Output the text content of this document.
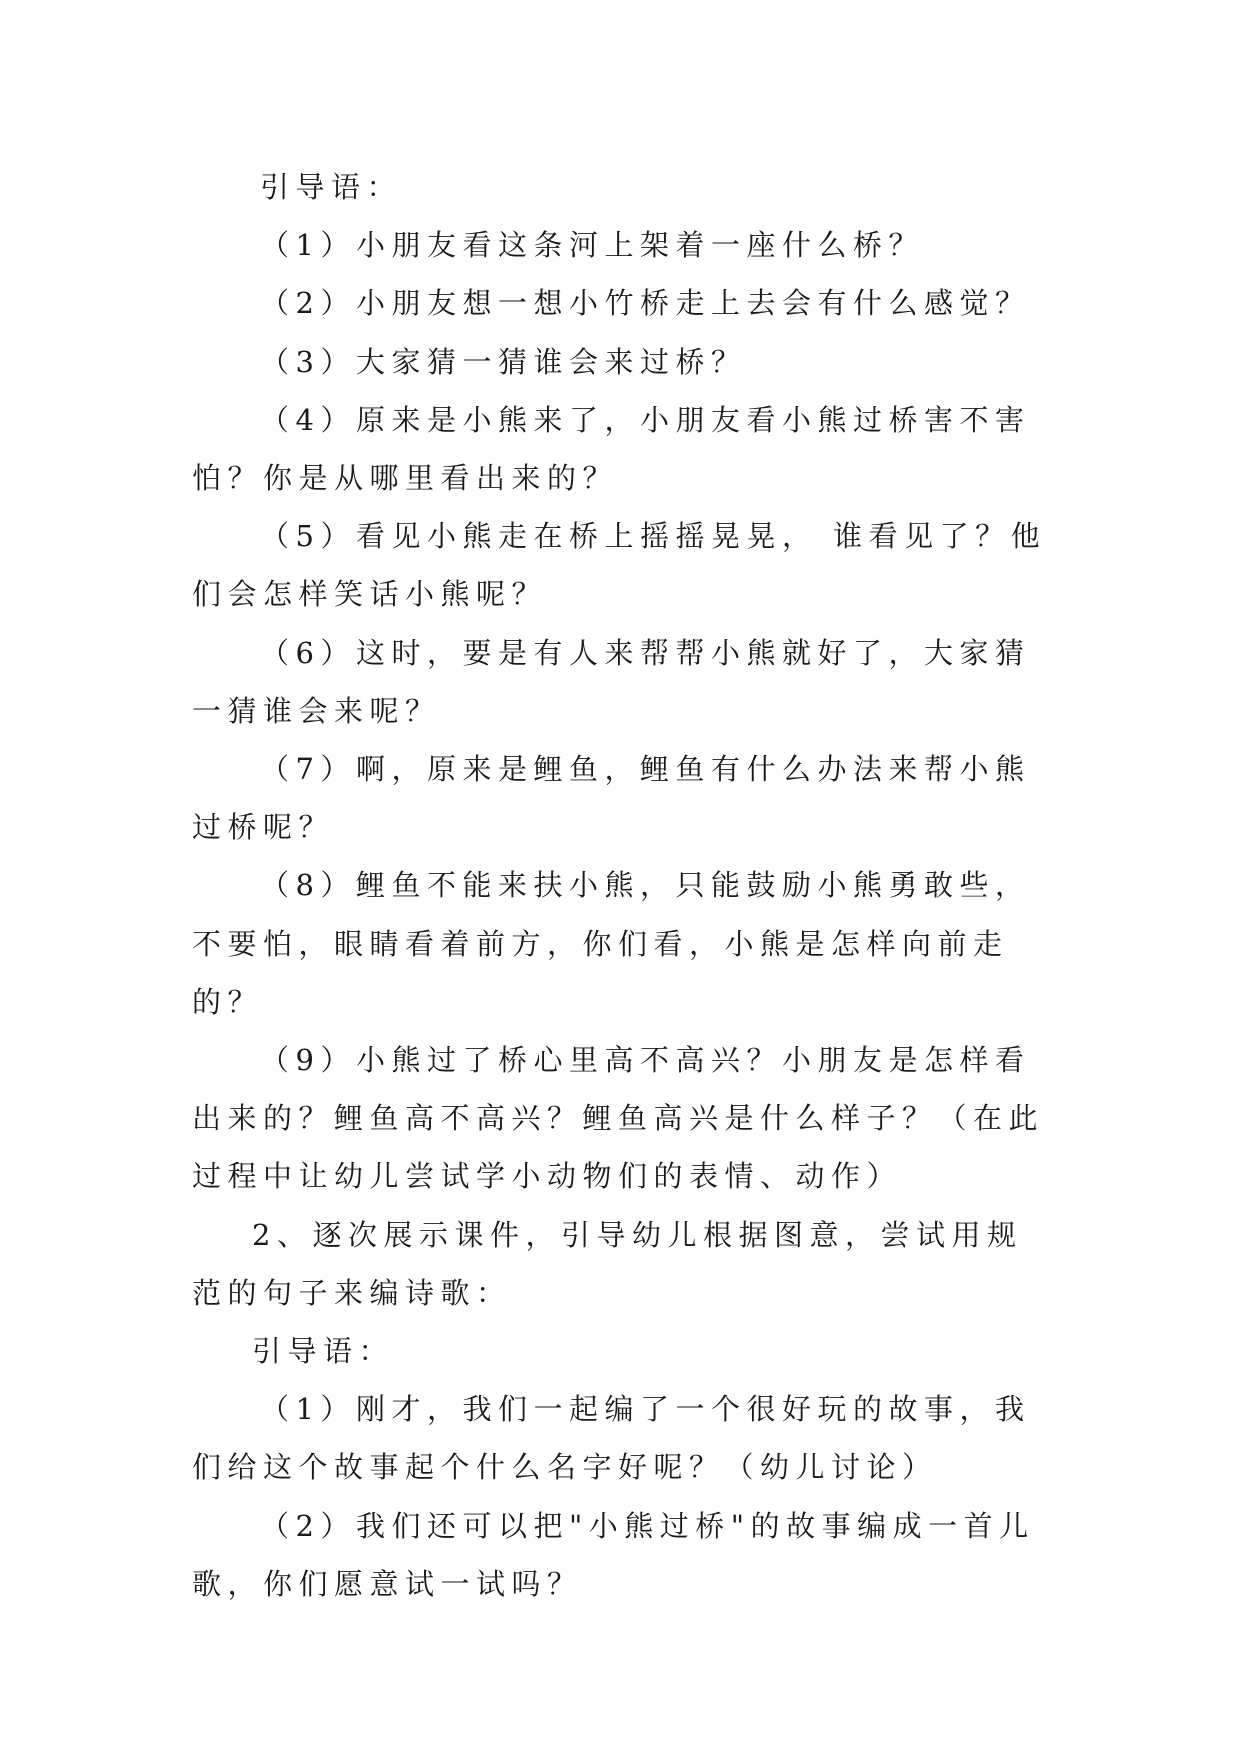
引导语：

（1）小朋友看这条河上架着一座什么桥？

（2）小朋友想一想小竹桥走上去会有什么感觉？

（3）大家猜一猜谁会来过桥？

（4）原来是小熊来了，小朋友看小熊过桥害不害怕？你是从哪里看出来的？

（5）看见小熊走在桥上摇摇晃晃， 谁看见了？他们会怎样笑话小熊呢？

（6）这时，要是有人来帮帮小熊就好了，大家猜一猜谁会来呢？

（7）啊，原来是鲤鱼，鲤鱼有什么办法来帮小熊过桥呢？

（8）鲤鱼不能来扶小熊，只能鼓励小熊勇敢些，不要怕，眼睛看着前方，你们看，小熊是怎样向前走的？

（9）小熊过了桥心里高不高兴？小朋友是怎样看出来的？鲤鱼高不高兴？鲤鱼高兴是什么样子？（在此过程中让幼儿尝试学小动物们的表情、动作）

2、逐次展示课件，引导幼儿根据图意，尝试用规范的句子来编诗歌：

引导语：

（1）刚才，我们一起编了一个很好玩的故事，我们给这个故事起个什么名字好呢？（幼儿讨论）

（2）我们还可以把"小熊过桥"的故事编成一首儿歌，你们愿意试一试吗？
